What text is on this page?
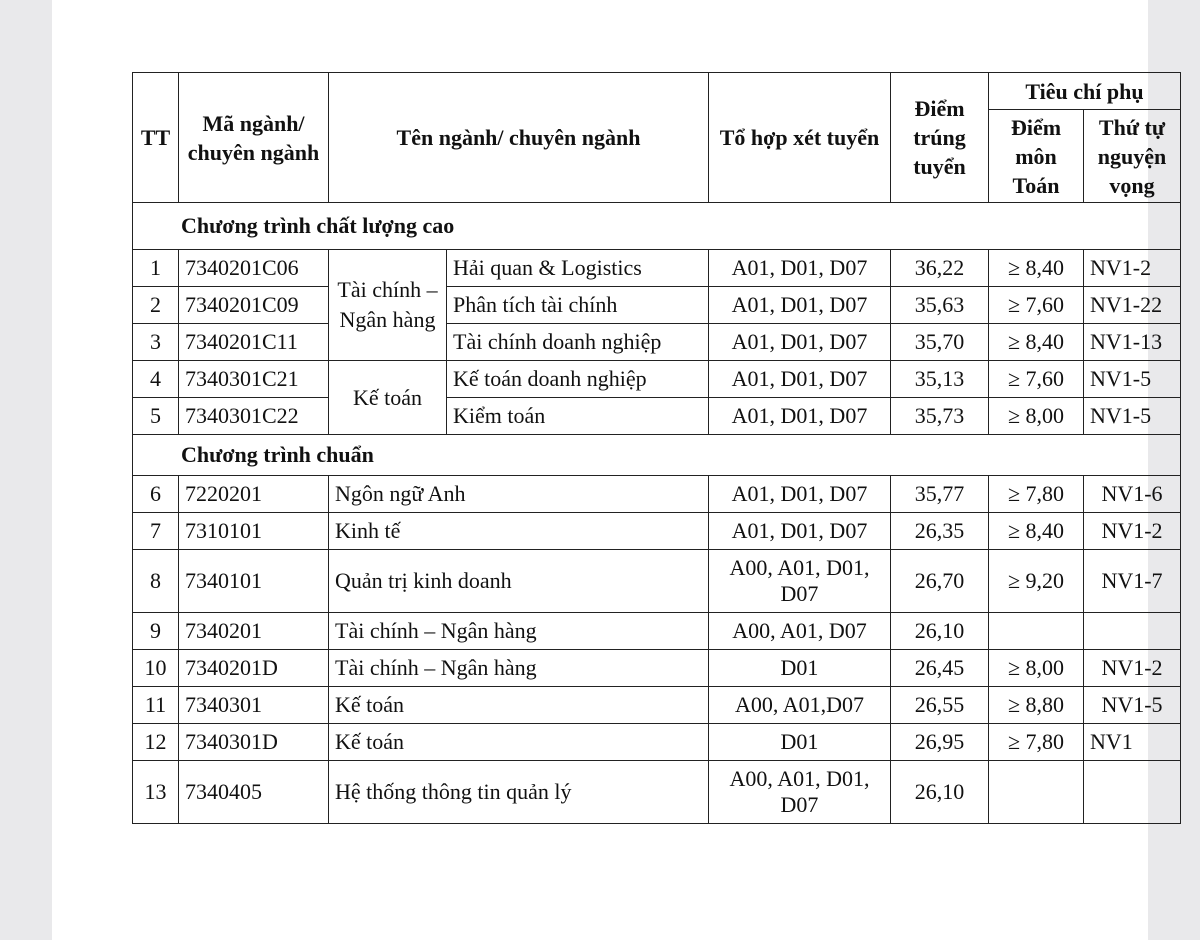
TT	Mã ngành/ chuyên ngành	Tên ngành/ chuyên ngành		Tổ hợp xét tuyển	Điểm trúng tuyển	Tiêu chí phụ	
						Điểm môn Toán	Thứ tự nguyện vọng
Chương trình chất lượng cao							
1	7340201C06	Tài chính – Ngân hàng	Hải quan & Logistics	A01, D01, D07	36,22	≥ 8,40	NV1-2
2	7340201C09		Phân tích tài chính	A01, D01, D07	35,63	≥ 7,60	NV1-22
3	7340201C11		Tài chính doanh nghiệp	A01, D01, D07	35,70	≥ 8,40	NV1-13
4	7340301C21	Kế toán	Kế toán doanh nghiệp	A01, D01, D07	35,13	≥ 7,60	NV1-5
5	7340301C22		Kiểm toán	A01, D01, D07	35,73	≥ 8,00	NV1-5
Chương trình chuẩn							
6	7220201	Ngôn ngữ Anh		A01, D01, D07	35,77	≥ 7,80	NV1-6
7	7310101	Kinh tế		A01, D01, D07	26,35	≥ 8,40	NV1-2
8	7340101	Quản trị kinh doanh		A00, A01, D01, D07	26,70	≥ 9,20	NV1-7
9	7340201	Tài chính – Ngân hàng		A00, A01, D07	26,10		
10	7340201D	Tài chính – Ngân hàng		D01	26,45	≥ 8,00	NV1-2
11	7340301	Kế toán		A00, A01,D07	26,55	≥ 8,80	NV1-5
12	7340301D	Kế toán		D01	26,95	≥ 7,80	NV1
13	7340405	Hệ thống thông tin quản lý		A00, A01, D01, D07	26,10		
